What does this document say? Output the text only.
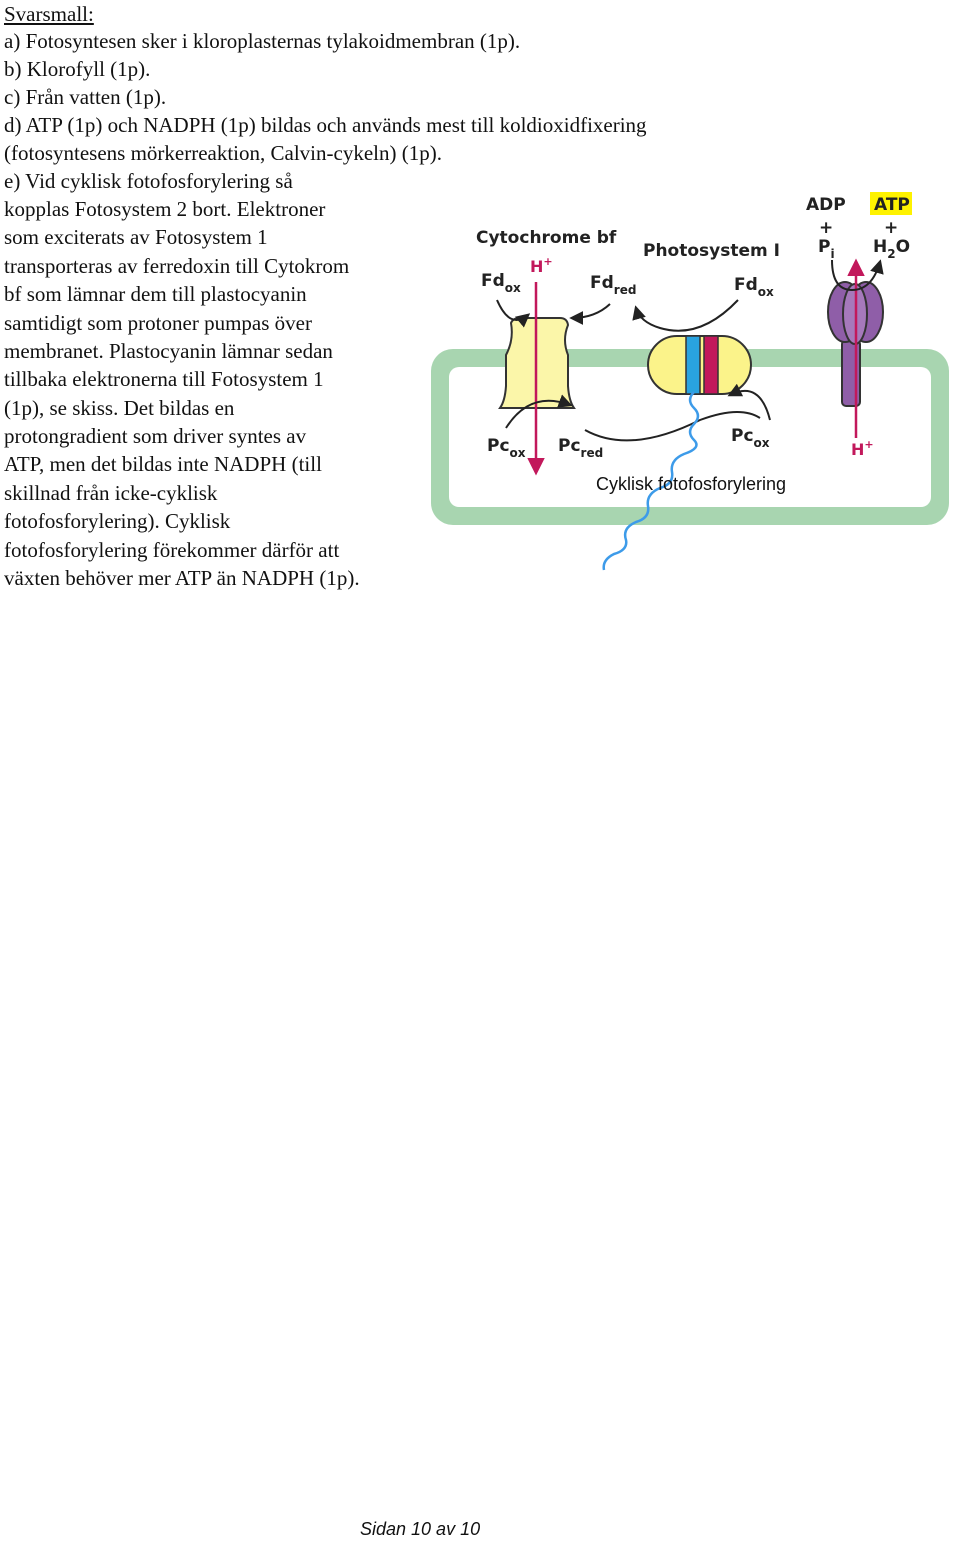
Svarsmall:

a) Fotosyntesen sker i kloroplasternas tylakoidmembran (1p).

b) Klorofyll (1p).

c) Från vatten (1p).

d) ATP (1p) och NADPH (1p) bildas och används mest till koldioxidfixering

(fotosyntesens mörkerreaktion, Calvin-cykeln) (1p).

e) Vid cyklisk fotofosforylering så

kopplas Fotosystem 2 bort. Elektroner

som exciterats av Fotosystem 1

transporteras av ferredoxin till Cytokrom

bf som lämnar dem till plastocyanin

samtidigt som protoner pumpas över

membranet. Plastocyanin lämnar sedan

tillbaka elektronerna till Fotosystem 1

(1p), se skiss. Det bildas en

protongradient som driver syntes av

ATP, men det bildas inte NADPH (till

skillnad från icke-cyklisk

fotofosforylering). Cyklisk

fotofosforylering förekommer därför att

växten behöver mer ATP än NADPH (1p).

Cytochrome bf
Photosystem I
H+
H+
$Fd_{ox}$	$Fd_{red}$	$Fd_{ox}$
$Pc_{ox}$ $Pc_{red}$
$Pc_{ox}$
ADP
+
$P_i$
ATP
+
$H_2O$
Cyklisk fotofosforylering
Sidan 10 av 10
